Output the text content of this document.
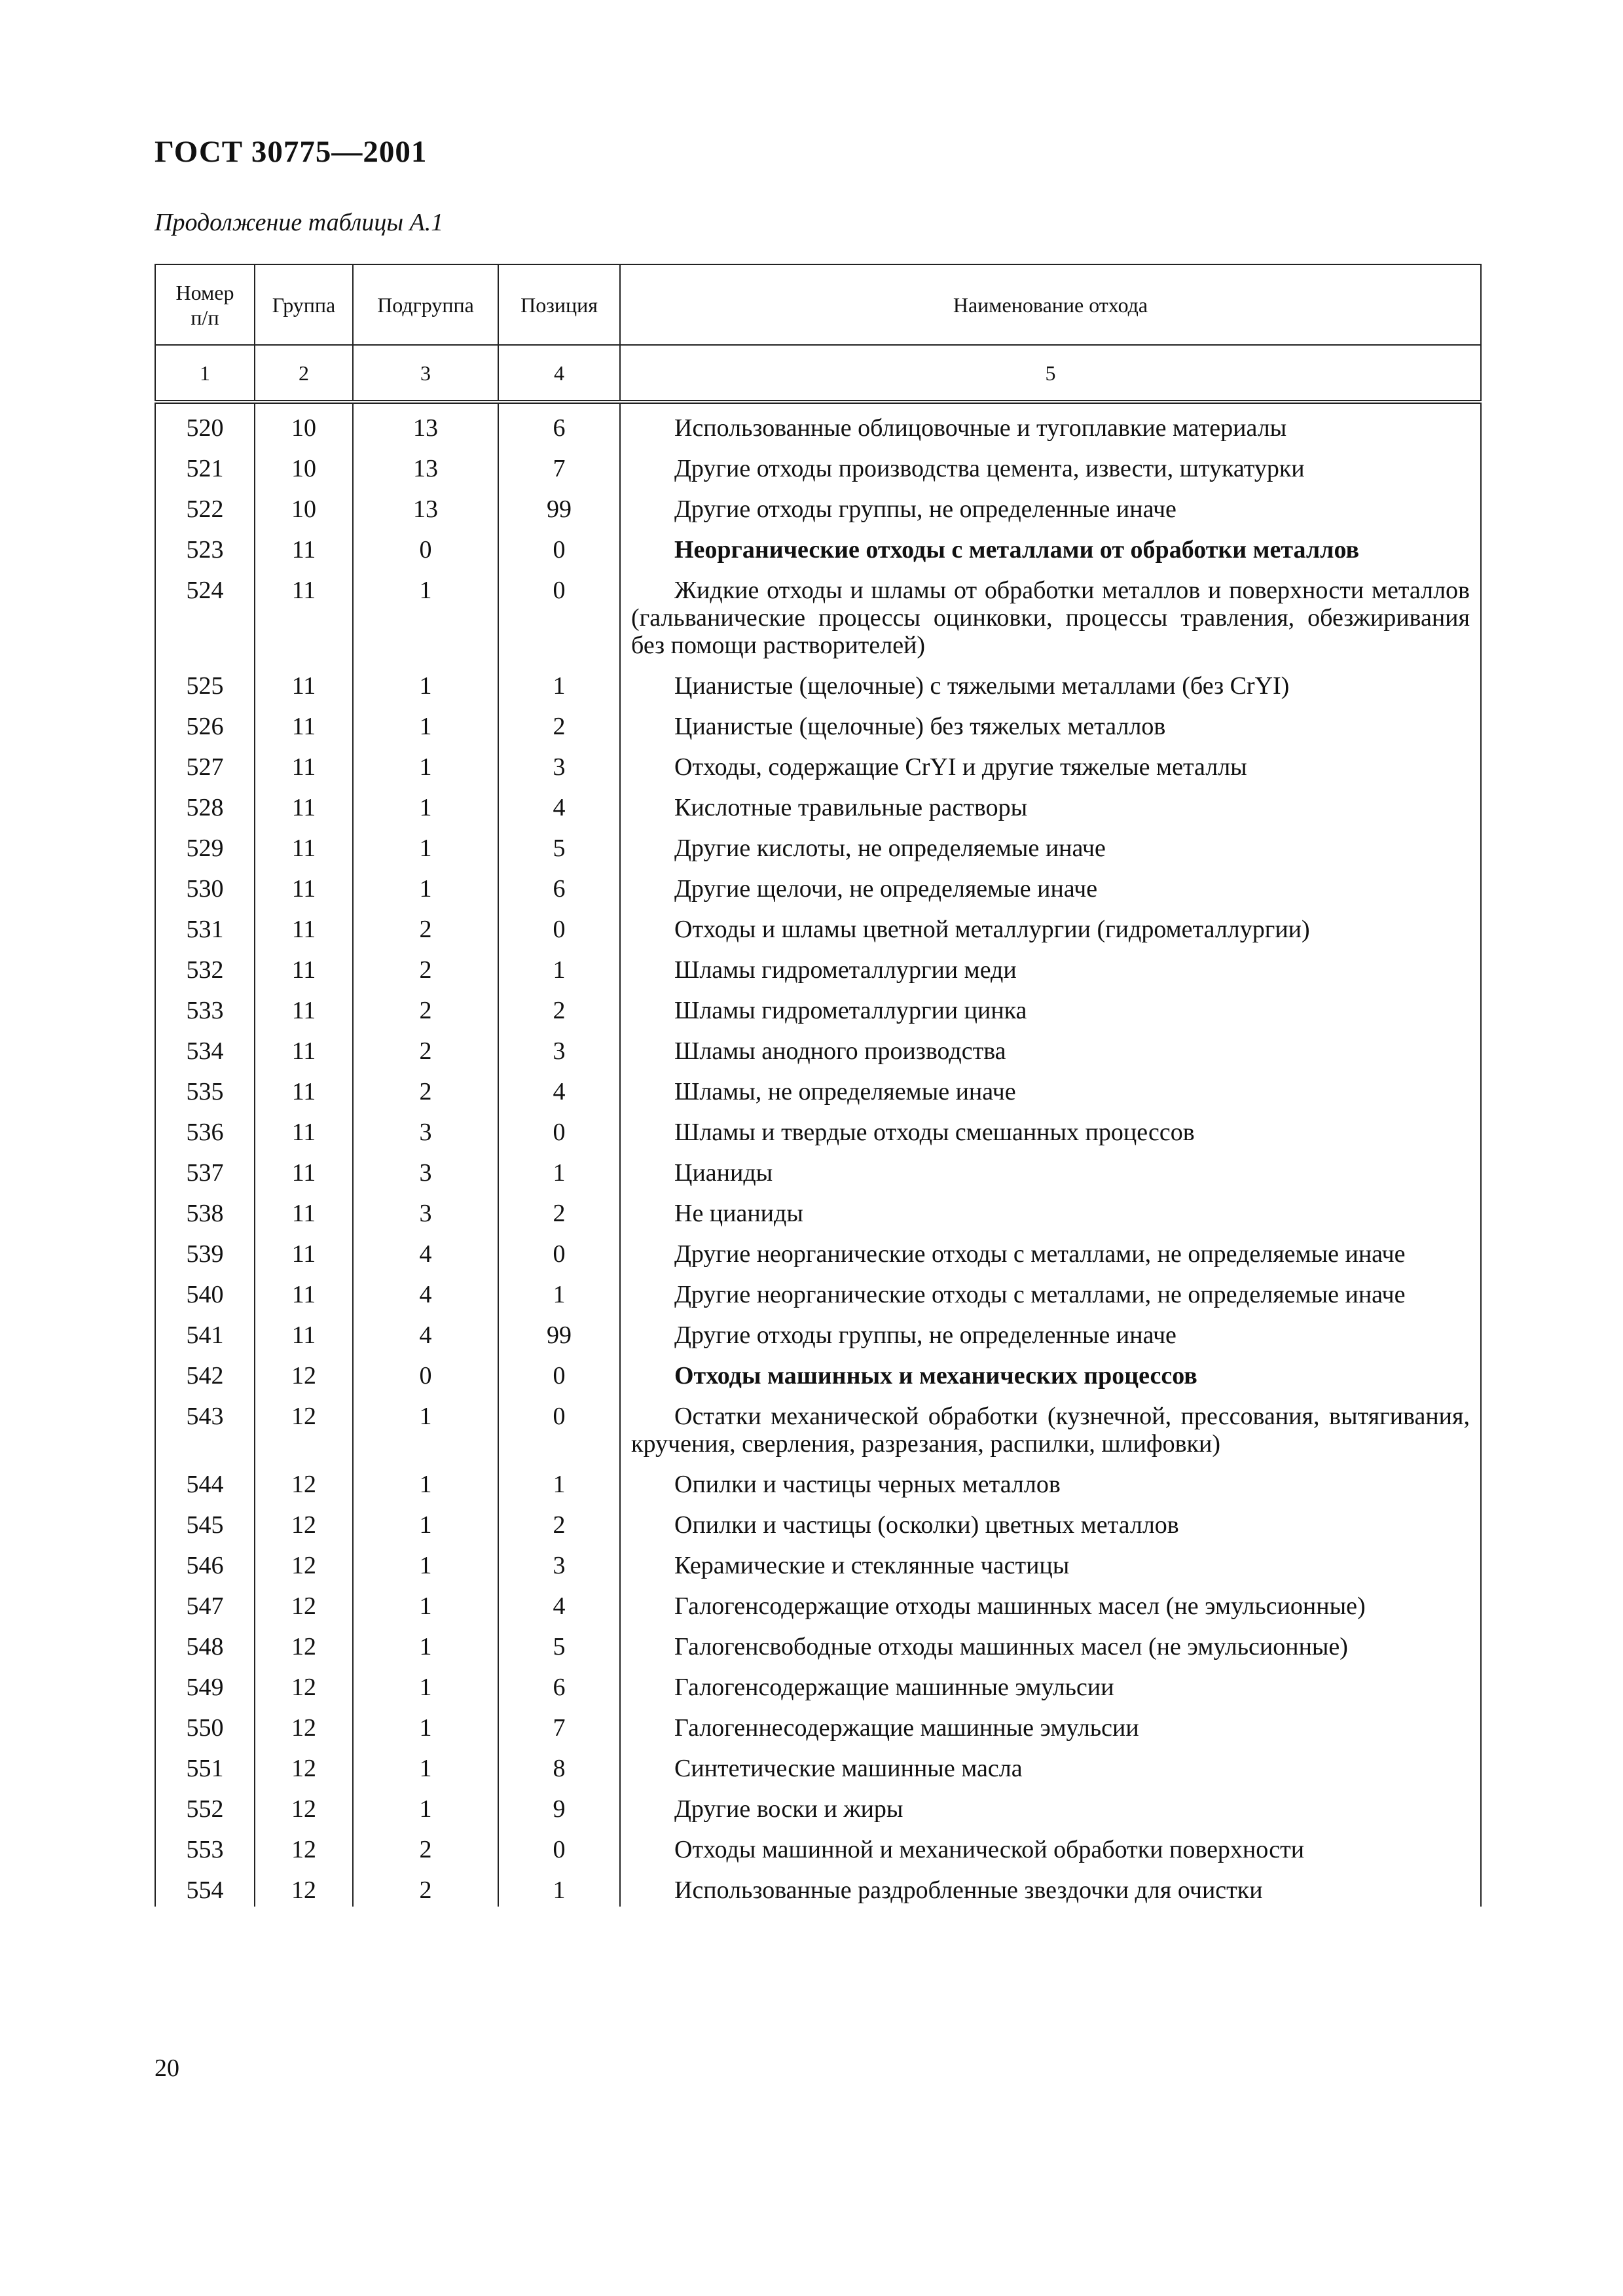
ГОСТ 30775—2001
Продолжение таблицы А.1
Номер п/п	Группа	Подгруппа	Позиция	Наименование отхода
1	2	3	4	5
520	10	13	6	Использованные облицовочные и тугоплавкие материалы
521	10	13	7	Другие отходы производства цемента, извести, штукатурки
522	10	13	99	Другие отходы группы, не определенные иначе
523	11	0	0	Неорганические отходы с металлами от обработки металлов
524	11	1	0	Жидкие отходы и шламы от обработки металлов и поверхности металлов (гальванические процессы оцинковки, процессы травления, обезжиривания без помощи растворителей)
525	11	1	1	Цианистые (щелочные) с тяжелыми металлами (без CrYI)
526	11	1	2	Цианистые (щелочные) без тяжелых металлов
527	11	1	3	Отходы, содержащие CrYI и другие тяжелые металлы
528	11	1	4	Кислотные травильные растворы
529	11	1	5	Другие кислоты, не определяемые иначе
530	11	1	6	Другие щелочи, не определяемые иначе
531	11	2	0	Отходы и шламы цветной металлургии (гидрометаллургии)
532	11	2	1	Шламы гидрометаллургии меди
533	11	2	2	Шламы гидрометаллургии цинка
534	11	2	3	Шламы анодного производства
535	11	2	4	Шламы, не определяемые иначе
536	11	3	0	Шламы и твердые отходы смешанных процессов
537	11	3	1	Цианиды
538	11	3	2	Не цианиды
539	11	4	0	Другие неорганические отходы с металлами, не определяемые иначе
540	11	4	1	Другие неорганические отходы с металлами, не определяемые иначе
541	11	4	99	Другие отходы группы, не определенные иначе
542	12	0	0	Отходы машинных и механических процессов
543	12	1	0	Остатки механической обработки (кузнечной, прессования, вытягивания, кручения, сверления, разрезания, распилки, шлифовки)
544	12	1	1	Опилки и частицы черных металлов
545	12	1	2	Опилки и частицы (осколки) цветных металлов
546	12	1	3	Керамические и стеклянные частицы
547	12	1	4	Галогенсодержащие отходы машинных масел (не эмульсионные)
548	12	1	5	Галогенсвободные отходы машинных масел (не эмульсионные)
549	12	1	6	Галогенсодержащие машинные эмульсии
550	12	1	7	Галогеннесодержащие машинные эмульсии
551	12	1	8	Синтетические машинные масла
552	12	1	9	Другие воски и жиры
553	12	2	0	Отходы машинной и механической обработки поверхности
554	12	2	1	Использованные раздробленные звездочки для очистки
20
